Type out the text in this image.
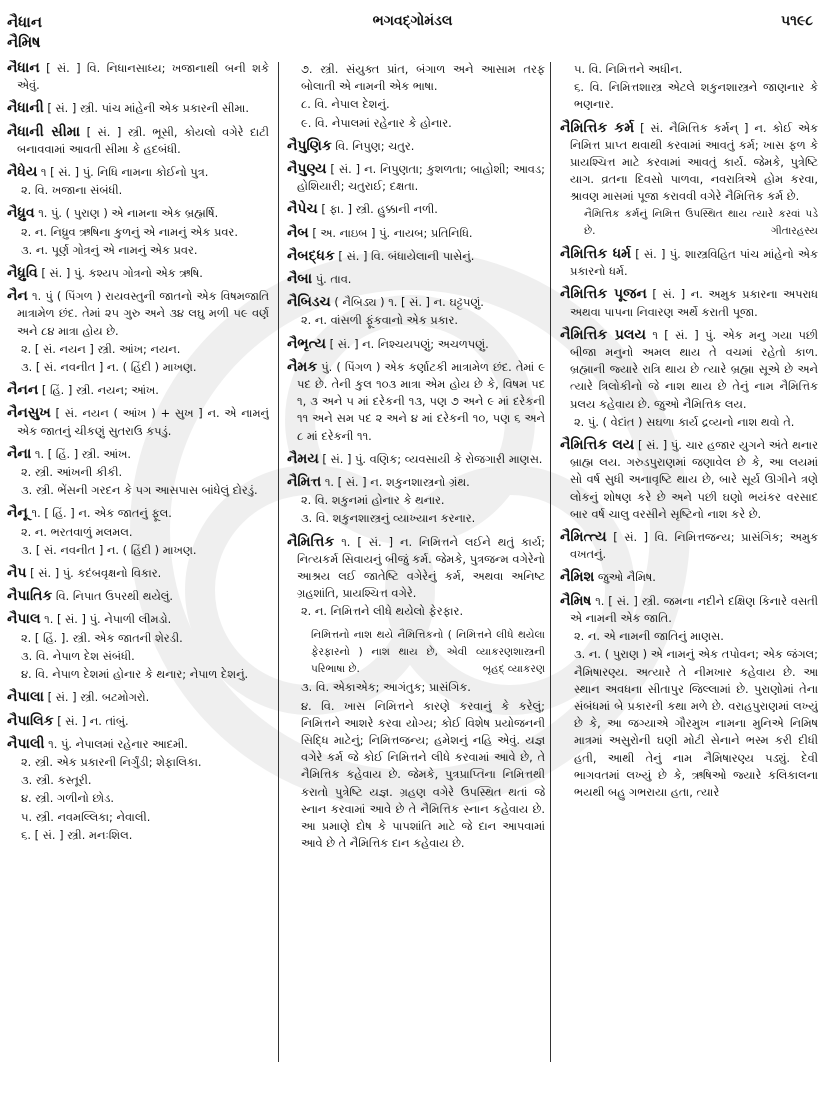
નૈધાન
નૈમિષ
ભગવદ્ગોમંડલ	૫૧૯૮
નૈધાન [ સં. ] વિ. નિધાનસાધ્ય; ખજાનાથી બની શકે એવું.
નૈધાની [ સં. ] સ્ત્રી. પાંચ માંહેની એક પ્રકારની સીમા.
નૈધાની સીમા [ સં. ] સ્ત્રી. ભૂસી, કોયલો વગેરે દાટી બનાવવામાં આવતી સીમા કે હદબંધી.
નૈધેય ૧ [ સં. ] પું. નિધિ નામના કોઈનો પુત્ર.
૨. વિ. ખજાના સંબંધી.
નૈધ્રુવ ૧. પું. ( પુરાણ ) એ નામના એક બ્રહ્મર્ષિ.
૨. ન. નિધ્રુવ ઋષિના કુળનું એ નામનું એક પ્રવર.
૩. ન. પૂર્ણ ગોત્રનું એ નામનું એક પ્રવર.
નૈધ્રુવિ [ સં. ] પું. કશ્યપ ગોત્રનો એક ઋષિ.
નૈન ૧. પું ( પિંગળ ) રાયવસ્તુની જાતનો એક વિષમજાતિ માત્રામેળ છંદ. તેમાં ૨૫ ગુરુ અને ૩૪ લઘુ મળી ૫૯ વર્ણ અને ૮૪ માત્રા હોય છે.
૨. [ સં. નયન ] સ્ત્રી. આંખ; નયન.
૩. [ સં. નવનીત ] ન. ( હિંદી ) માખણ.
નૈનન [ હિં. ] સ્ત્રી. નયન; આંખ.
નૈનસુખ [ સં. નયન ( આંખ ) + સુખ ] ન. એ નામનું એક જાતનું ચીકણું સુતરાઉ કપડું.
નૈના ૧. [ હિં. ] સ્ત્રી. આંખ.
૨. સ્ત્રી. આંખની કીકી.
૩. સ્ત્રી. ભેંસની ગરદન કે પગ આસપાસ બાંધેલું દોરડું.
નૈનૂ ૧. [ હિં. ] ન. એક જાતનું ફૂલ.
૨. ન. ભરતવાળું મલમલ.
૩. [ સં. નવનીત ] ન. ( હિંદી ) માખણ.
નૈપ [ સં. ] પું. કદંબવૃક્ષનો વિકાર.
નૈપાતિક વિ. નિપાત ઉપરથી થયેલું.
નૈપાલ ૧. [ સં. ] પું. નેપાળી લીમડો.
૨. [ હિં. ]. સ્ત્રી. એક જાતની શેરડી.
૩. વિ. નેપાળ દેશ સંબંધી.
૪. વિ. નેપાળ દેશમાં હોનાર કે થનાર; નેપાળ દેશનું.
નૈપાલા [ સં. ] સ્ત્રી. બટમોગરો.
નૈપાલિક [ સં. ] ન. તાંબું.
નૈપાલી ૧. પું. નેપાલમાં રહેનાર આદમી.
૨. સ્ત્રી. એક પ્રકારની નિર્ગુંડી; શેફાલિકા.
૩. સ્ત્રી. કસ્તૂરી.
૪. સ્ત્રી. ગળીનો છોડ.
૫. સ્ત્રી. નવમલ્લિકા; નેવાલી.
૬. [ સં. ] સ્ત્રી. મનઃશિલ.
૭. સ્ત્રી. સંયુક્ત પ્રાંત, બંગાળ અને આસામ તરફ બોલાતી એ નામની એક ભાષા.
૮. વિ. નેપાલ દેશનું.
૯. વિ. નેપાલમાં રહેનાર કે હોનાર.
નૈપુણિક વિ. નિપુણ; ચતુર.
નૈપુણ્ય [ સં. ] ન. નિપુણતા; કુશળતા; બાહોશી; આવડ; હોશિયારી; ચતુરાઈ; દક્ષતા.
નૈપેચ [ ફા. ] સ્ત્રી. હુક્કાની નળી.
નૈબ [ અ. નાઇબ ] પું. નાયબ; પ્રતિનિધિ.
નૈબદ્ધક [ સં. ] વિ. બંધાયેલાની પાસેનું.
નૈબા પું. તાવ.
નૈબિડચ ( નૈબિડ્ય ) ૧. [ સં. ] ન. ઘટ્ટપણું.
૨. ન. વાંસળી ફૂંકવાનો એક પ્રકાર.
નૈભૃત્ય [ સં. ] ન. નિશ્ચયપણું; અચળપણું.
નૈમક પું. ( પિંગળ ) એક કર્ણાટકી માત્રામેળ છંદ. તેમાં ૯ પદ છે. તેની કુલ ૧૦૩ માત્રા એમ હોય છે કે, વિષમ પદ ૧, ૩ અને ૫ માં દરેકની ૧૩, પણ ૭ અને ૯ માં દરેકની ૧૧ અને સમ પદ ૨ અને ૪ માં દરેકની ૧૦, પણ ૬ અને ૮ માં દરેકની ૧૧.
નૈમય [ સં. ] પું. વણિક; વ્યવસાયી કે રોજગારી માણસ.
નૈમિત્ત ૧. [ સં. ] ન. શકુનશાસ્ત્રનો ગ્રંથ.
૨. વિ. શકુનમાં હોનાર કે થનાર.
૩. વિ. શકુનશાસ્ત્રનું વ્યાખ્યાન કરનાર.
નૈમિત્તિક ૧. [ સં. ] ન. નિમિત્તને લઈને થતું કાર્ય; નિત્યકર્મ સિવાયનું બીજું કર્મ. જેમકે, પુત્રજન્મ વગેરેનો આશ્રય લઈ જાતેષ્ટિ વગેરેનું કર્મ, અથવા અનિષ્ટ ગ્રહશાંતિ, પ્રાયશ્ચિત્ત વગેરે.
૨. ન. નિમિત્તને લીધે થયેલો ફેરફાર.
નિમિત્તનો નાશ થયે નૈમિત્તિકનો ( નિમિત્તને લીધે થયેલા ફેરફારનો ) નાશ થાય છે, એવી વ્યાકરણશાસ્ત્રની પરિભાષા છે.	બૃહદ્ વ્યાકરણ
૩. વિ. એકાએક; આગંતુક; પ્રાસંગિક.
૪. વિ. ખાસ નિમિત્તને કારણે કરવાનું કે કરેલું; નિમિત્તને આશરે કરવા યોગ્ય; કોઈ વિશેષ પ્રયોજનની સિદ્ધિ માટેનું; નિમિત્તજન્ય; હમેશનું નહિ એવું. યજ્ઞ વગેરે કર્મ જે કોઈ નિમિત્તને લીધે કરવામાં આવે છે, તે નૈમિત્તિક કહેવાય છે. જેમકે, પુત્રપ્રાપ્તિના નિમિત્તથી કરાતો પુત્રેષ્ટિ યજ્ઞ. ગ્રહણ વગેરે ઉપસ્થિત થતાં જે સ્નાન કરવામાં આવે છે તે નૈમિત્તિક સ્નાન કહેવાય છે. આ પ્રમાણે દોષ કે પાપશાંતિ માટે જે દાન આપવામાં આવે છે તે નૈમિત્તિક દાન કહેવાય છે.
૫. વિ. નિમિત્તને અધીન.
૬. વિ. નિમિત્તશાસ્ત્ર એટલે શકુનશાસ્ત્રને જાણનાર કે ભણનાર.
નૈમિત્તિક કર્મ [ સં. નૈમિત્તિક કર્મન્ ] ન. કોઈ એક નિમિત્ત પ્રાપ્ત થવાથી કરવામાં આવતું કર્મ; ખાસ ફળ કે પ્રાયશ્ચિત્ત માટે કરવામાં આવતું કાર્ય. જેમકે, પુત્રેષ્ટિ યાગ. વ્રતના દિવસો પાળવા, નવરાત્રિએ હોમ કરવા, શ્રાવણ માસમાં પૂજા કરાવવી વગેરે નૈમિત્તિક કર્મ છે.
નૈમિત્તિક કર્મનું નિમિત્ત ઉપસ્થિત થાય ત્યારે કરવાં પડે છે.	ગીતારહસ્ય
નૈમિત્તિક ધર્મ [ સં. ] પું. શાસ્ત્રવિહિત પાંચ માંહેનો એક પ્રકારનો ધર્મ.
નૈમિત્તિક પૂજન [ સં. ] ન. અમુક પ્રકારના અપરાધ અથવા પાપના નિવારણ અર્થે કરાતી પૂજા.
નૈમિત્તિક પ્રલય ૧ [ સં. ] પું. એક મનુ ગયા પછી બીજા મનુનો અમલ થાય તે વચમાં રહેતો કાળ. બ્રહ્માની જ્યારે રાત્રિ થાય છે ત્યારે બ્રહ્મા સૂએ છે અને ત્યારે ત્રિલોકીનો જે નાશ થાય છે તેનું નામ નૈમિત્તિક પ્રલય કહેવાય છે. જુઓ નૈમિત્તિક લય.
૨. પું. ( વેદાંત ) સઘળા કાર્ય દ્રવ્યનો નાશ થવો તે.
નૈમિત્તિક લય [ સં. ] પું. ચાર હજાર યુગને અંતે થનાર બ્રાહ્મ લય. ગરુડપુરાણમાં જણાવેલ છે કે, આ લયમાં સો વર્ષ સુધી અનાવૃષ્ટિ થાય છે, બારે સૂર્ય ઊગીને ત્રણે લોકનું શોષણ કરે છે અને પછી ઘણો ભયંકર વરસાદ બાર વર્ષ ચાલુ વરસીને સૃષ્ટિનો નાશ કરે છે.
નૈમિત્ત્ય [ સં. ] વિ. નિમિત્તજન્ય; પ્રાસંગિક; અમુક વખતનું.
નૈમિશ જુઓ નૈમિષ.
નૈમિષ ૧. [ સં. ] સ્ત્રી. જમના નદીને દક્ષિણ કિનારે વસતી એ નામની એક જાતિ.
૨. ન. એ નામની જાતિનું માણસ.
૩. ન. ( પુરાણ ) એ નામનું એક તપોવન; એક જંગલ; નૈમિષારણ્ય. અત્યારે તે નીમખાર કહેવાય છે. આ સ્થાન અવધના સીતાપુર જિલ્લામાં છે. પુરાણોમાં તેના સંબંધમાં બે પ્રકારની કથા મળે છે. વરાહપુરાણમાં લખ્યું છે કે, આ જગ્યાએ ગૌરમુખ નામના મુનિએ નિમિષ માત્રમાં અસુરોની ઘણી મોટી સેનાને ભસ્મ કરી દીધી હતી, આથી તેનું નામ નૈમિષારણ્ય પડ્યું. દેવી ભાગવતમાં લખ્યું છે કે, ઋષિઓ જ્યારે કલિકાલના ભયથી બહુ ગભરાયા હતા, ત્યારે
